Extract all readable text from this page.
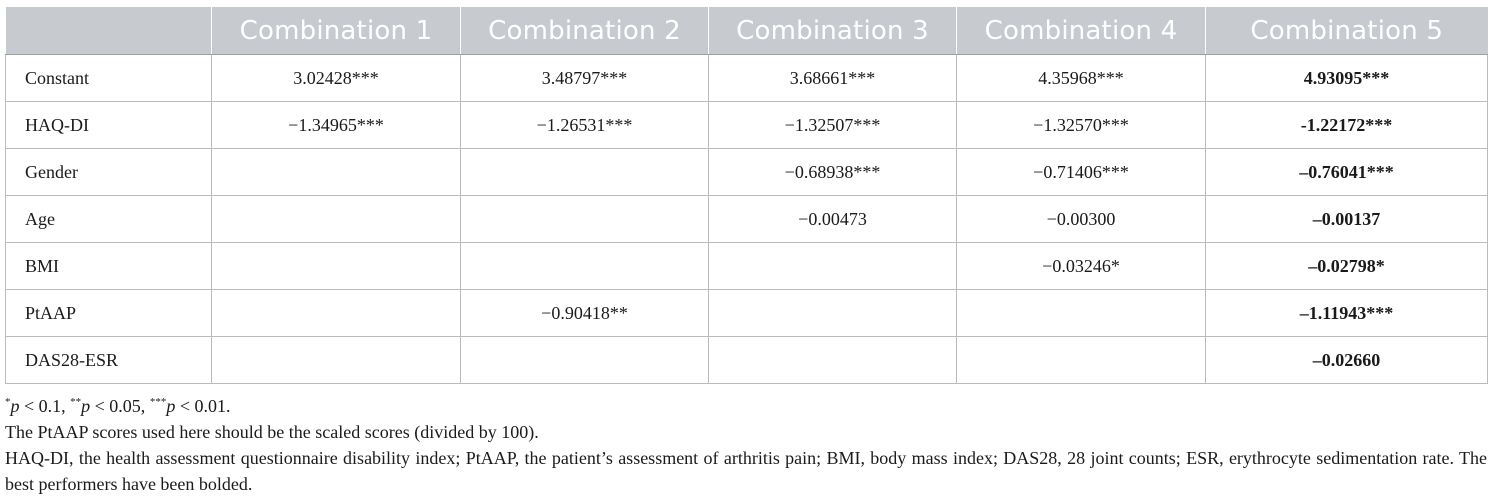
	Combination 1	Combination 2	Combination 3	Combination 4	Combination 5
Constant	3.02428***	3.48797***	3.68661***	4.35968***	4.93095***
HAQ-DI	−1.34965***	−1.26531***	−1.32507***	−1.32570***	-1.22172***
Gender			−0.68938***	−0.71406***	–0.76041***
Age			−0.00473	−0.00300	–0.00137
BMI				−0.03246*	–0.02798*
PtAAP		−0.90418**			–1.11943***
DAS28-ESR					–0.02660

*p < 0.1, **p < 0.05, ***p < 0.01.

The PtAAP scores used here should be the scaled scores (divided by 100).

HAQ-DI, the health assessment questionnaire disability index; PtAAP, the patient’s assessment of arthritis pain; BMI, body mass index; DAS28, 28 joint counts; ESR, erythrocyte sedimentation rate. The best performers have been bolded.
